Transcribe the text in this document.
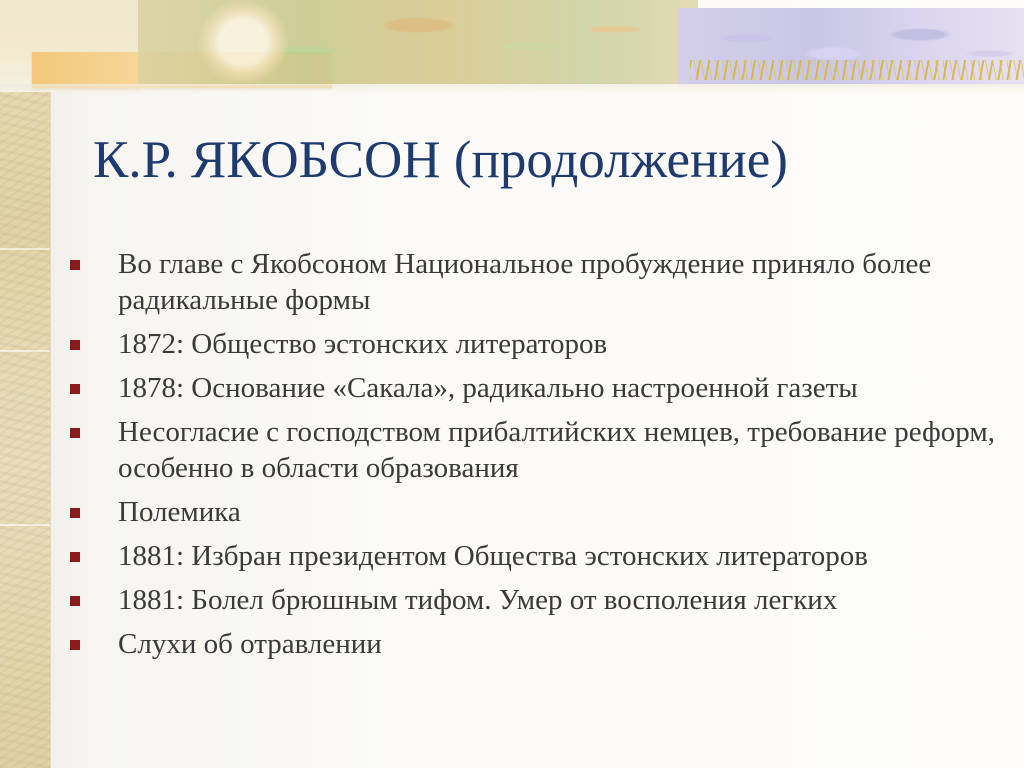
К.Р. ЯКОБСОН (продолжение)
Во главе с Якобсоном Национальное пробуждение приняло более радикальные формы
1872: Общество эстонских литераторов
1878: Основание «Сакала», радикально настроенной газеты
Несогласие с господством прибалтийских немцев, требование реформ, особенно в области образования
Полемика
1881: Избран президентом Общества эстонских литераторов
1881: Болел брюшным тифом. Умер от восполения легких
Слухи об отравлении
